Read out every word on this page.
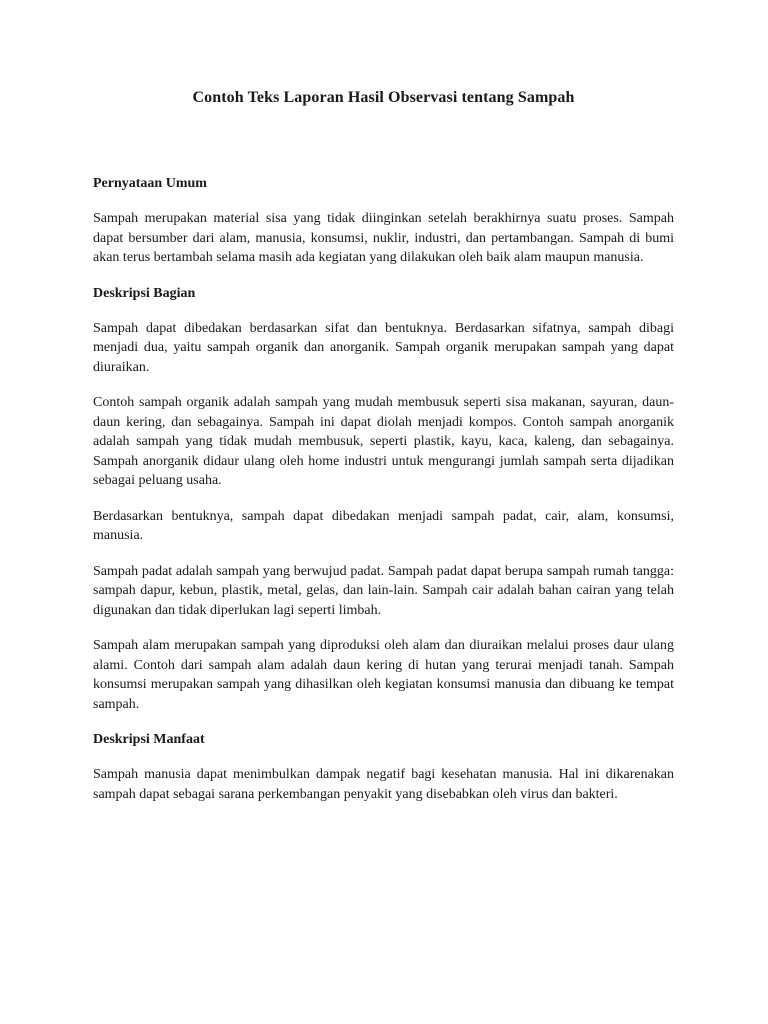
Contoh Teks Laporan Hasil Observasi tentang Sampah
Pernyataan Umum

Sampah merupakan material sisa yang tidak diinginkan setelah berakhirnya suatu proses. Sampah dapat bersumber dari alam, manusia, konsumsi, nuklir, industri, dan pertambangan. Sampah di bumi akan terus bertambah selama masih ada kegiatan yang dilakukan oleh baik alam maupun manusia.

Deskripsi Bagian

Sampah dapat dibedakan berdasarkan sifat dan bentuknya. Berdasarkan sifatnya, sampah dibagi menjadi dua, yaitu sampah organik dan anorganik. Sampah organik merupakan sampah yang dapat diuraikan.

Contoh sampah organik adalah sampah yang mudah membusuk seperti sisa makanan, sayuran, daun-daun kering, dan sebagainya. Sampah ini dapat diolah menjadi kompos. Contoh sampah anorganik adalah sampah yang tidak mudah membusuk, seperti plastik, kayu, kaca, kaleng, dan sebagainya. Sampah anorganik didaur ulang oleh home industri untuk mengurangi jumlah sampah serta dijadikan sebagai peluang usaha.

Berdasarkan bentuknya, sampah dapat dibedakan menjadi sampah padat, cair, alam, konsumsi, manusia.

Sampah padat adalah sampah yang berwujud padat. Sampah padat dapat berupa sampah rumah tangga: sampah dapur, kebun, plastik, metal, gelas, dan lain-lain. Sampah cair adalah bahan cairan yang telah digunakan dan tidak diperlukan lagi seperti limbah.

Sampah alam merupakan sampah yang diproduksi oleh alam dan diuraikan melalui proses daur ulang alami. Contoh dari sampah alam adalah daun kering di hutan yang terurai menjadi tanah. Sampah konsumsi merupakan sampah yang dihasilkan oleh kegiatan konsumsi manusia dan dibuang ke tempat sampah.

Deskripsi Manfaat

Sampah manusia dapat menimbulkan dampak negatif bagi kesehatan manusia. Hal ini dikarenakan sampah dapat sebagai sarana perkembangan penyakit yang disebabkan oleh virus dan bakteri.
